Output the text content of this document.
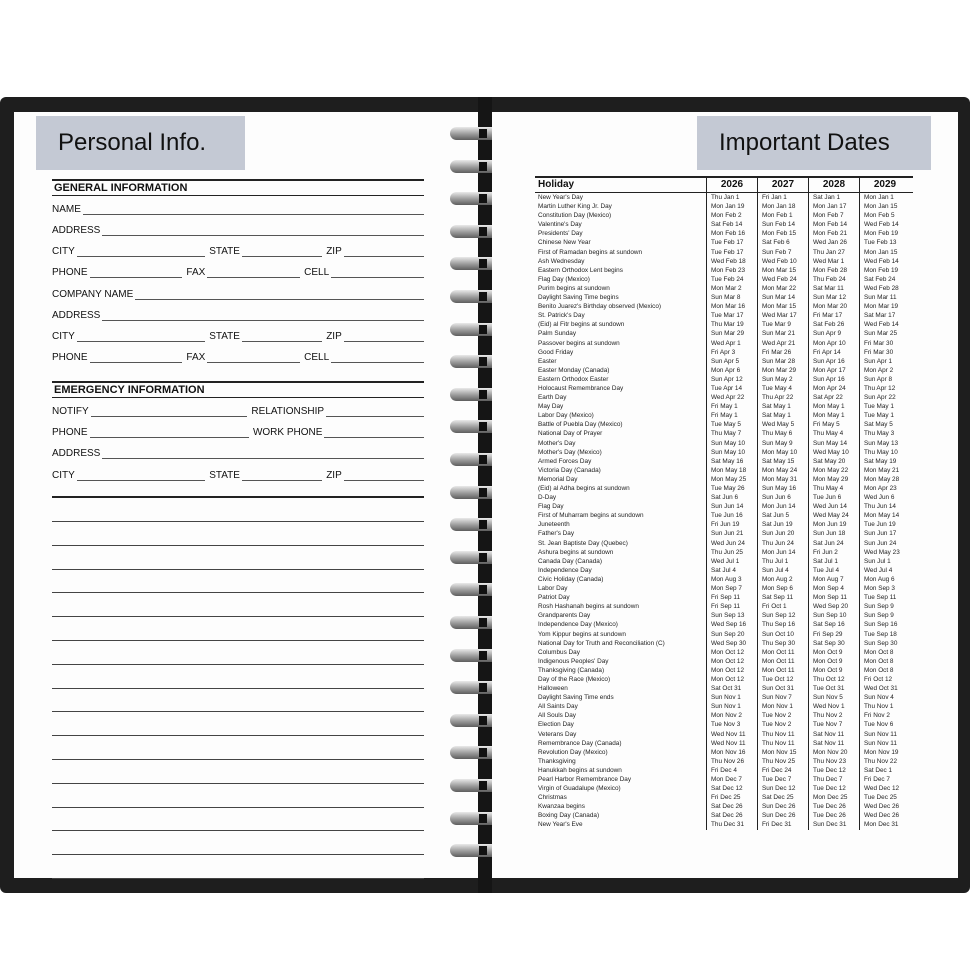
Personal Info.
GENERAL INFORMATION
NAME
ADDRESS
CITY	STATE	ZIP
PHONE	FAX	CELL
COMPANY NAME
ADDRESS
CITY	STATE	ZIP
PHONE	FAX	CELL
EMERGENCY INFORMATION
NOTIFY	RELATIONSHIP
PHONE	WORK PHONE
ADDRESS
CITY	STATE	ZIP
Important Dates
Holiday	2026	2027	2028	2029
New Year's Day	Thu Jan 1	Fri Jan 1	Sat Jan 1	Mon Jan 1
Martin Luther King Jr. Day	Mon Jan 19	Mon Jan 18	Mon Jan 17	Mon Jan 15
Constitution Day (Mexico)	Mon Feb 2	Mon Feb 1	Mon Feb 7	Mon Feb 5
Valentine's Day	Sat Feb 14	Sun Feb 14	Mon Feb 14	Wed Feb 14
Presidents' Day	Mon Feb 16	Mon Feb 15	Mon Feb 21	Mon Feb 19
Chinese New Year	Tue Feb 17	Sat Feb 6	Wed Jan 26	Tue Feb 13
First of Ramadan begins at sundown	Tue Feb 17	Sun Feb 7	Thu Jan 27	Mon Jan 15
Ash Wednesday	Wed Feb 18	Wed Feb 10	Wed Mar 1	Wed Feb 14
Eastern Orthodox Lent begins	Mon Feb 23	Mon Mar 15	Mon Feb 28	Mon Feb 19
Flag Day (Mexico)	Tue Feb 24	Wed Feb 24	Thu Feb 24	Sat Feb 24
Purim begins at sundown	Mon Mar 2	Mon Mar 22	Sat Mar 11	Wed Feb 28
Daylight Saving Time begins	Sun Mar 8	Sun Mar 14	Sun Mar 12	Sun Mar 11
Benito Juarez's Birthday observed (Mexico)	Mon Mar 16	Mon Mar 15	Mon Mar 20	Mon Mar 19
St. Patrick's Day	Tue Mar 17	Wed Mar 17	Fri Mar 17	Sat Mar 17
(Eid) al Fitr begins at sundown	Thu Mar 19	Tue Mar 9	Sat Feb 26	Wed Feb 14
Palm Sunday	Sun Mar 29	Sun Mar 21	Sun Apr 9	Sun Mar 25
Passover begins at sundown	Wed Apr 1	Wed Apr 21	Mon Apr 10	Fri Mar 30
Good Friday	Fri Apr 3	Fri Mar 26	Fri Apr 14	Fri Mar 30
Easter	Sun Apr 5	Sun Mar 28	Sun Apr 16	Sun Apr 1
Easter Monday (Canada)	Mon Apr 6	Mon Mar 29	Mon Apr 17	Mon Apr 2
Eastern Orthodox Easter	Sun Apr 12	Sun May 2	Sun Apr 16	Sun Apr 8
Holocaust Remembrance Day	Tue Apr 14	Tue May 4	Mon Apr 24	Thu Apr 12
Earth Day	Wed Apr 22	Thu Apr 22	Sat Apr 22	Sun Apr 22
May Day	Fri May 1	Sat May 1	Mon May 1	Tue May 1
Labor Day (Mexico)	Fri May 1	Sat May 1	Mon May 1	Tue May 1
Battle of Puebla Day (Mexico)	Tue May 5	Wed May 5	Fri May 5	Sat May 5
National Day of Prayer	Thu May 7	Thu May 6	Thu May 4	Thu May 3
Mother's Day	Sun May 10	Sun May 9	Sun May 14	Sun May 13
Mother's Day (Mexico)	Sun May 10	Mon May 10	Wed May 10	Thu May 10
Armed Forces Day	Sat May 16	Sat May 15	Sat May 20	Sat May 19
Victoria Day (Canada)	Mon May 18	Mon May 24	Mon May 22	Mon May 21
Memorial Day	Mon May 25	Mon May 31	Mon May 29	Mon May 28
(Eid) al Adha begins at sundown	Tue May 26	Sun May 16	Thu May 4	Mon Apr 23
D-Day	Sat Jun 6	Sun Jun 6	Tue Jun 6	Wed Jun 6
Flag Day	Sun Jun 14	Mon Jun 14	Wed Jun 14	Thu Jun 14
First of Muharram begins at sundown	Tue Jun 16	Sat Jun 5	Wed May 24	Mon May 14
Juneteenth	Fri Jun 19	Sat Jun 19	Mon Jun 19	Tue Jun 19
Father's Day	Sun Jun 21	Sun Jun 20	Sun Jun 18	Sun Jun 17
St. Jean Baptiste Day (Quebec)	Wed Jun 24	Thu Jun 24	Sat Jun 24	Sun Jun 24
Ashura begins at sundown	Thu Jun 25	Mon Jun 14	Fri Jun 2	Wed May 23
Canada Day (Canada)	Wed Jul 1	Thu Jul 1	Sat Jul 1	Sun Jul 1
Independence Day	Sat Jul 4	Sun Jul 4	Tue Jul 4	Wed Jul 4
Civic Holiday (Canada)	Mon Aug 3	Mon Aug 2	Mon Aug 7	Mon Aug 6
Labor Day	Mon Sep 7	Mon Sep 6	Mon Sep 4	Mon Sep 3
Patriot Day	Fri Sep 11	Sat Sep 11	Mon Sep 11	Tue Sep 11
Rosh Hashanah begins at sundown	Fri Sep 11	Fri Oct 1	Wed Sep 20	Sun Sep 9
Grandparents Day	Sun Sep 13	Sun Sep 12	Sun Sep 10	Sun Sep 9
Independence Day (Mexico)	Wed Sep 16	Thu Sep 16	Sat Sep 16	Sun Sep 16
Yom Kippur begins at sundown	Sun Sep 20	Sun Oct 10	Fri Sep 29	Tue Sep 18
National Day for Truth and Reconciliation (C)	Wed Sep 30	Thu Sep 30	Sat Sep 30	Sun Sep 30
Columbus Day	Mon Oct 12	Mon Oct 11	Mon Oct 9	Mon Oct 8
Indigenous Peoples' Day	Mon Oct 12	Mon Oct 11	Mon Oct 9	Mon Oct 8
Thanksgiving (Canada)	Mon Oct 12	Mon Oct 11	Mon Oct 9	Mon Oct 8
Day of the Race (Mexico)	Mon Oct 12	Tue Oct 12	Thu Oct 12	Fri Oct 12
Halloween	Sat Oct 31	Sun Oct 31	Tue Oct 31	Wed Oct 31
Daylight Saving Time ends	Sun Nov 1	Sun Nov 7	Sun Nov 5	Sun Nov 4
All Saints Day	Sun Nov 1	Mon Nov 1	Wed Nov 1	Thu Nov 1
All Souls Day	Mon Nov 2	Tue Nov 2	Thu Nov 2	Fri Nov 2
Election Day	Tue Nov 3	Tue Nov 2	Tue Nov 7	Tue Nov 6
Veterans Day	Wed Nov 11	Thu Nov 11	Sat Nov 11	Sun Nov 11
Remembrance Day (Canada)	Wed Nov 11	Thu Nov 11	Sat Nov 11	Sun Nov 11
Revolution Day (Mexico)	Mon Nov 16	Mon Nov 15	Mon Nov 20	Mon Nov 19
Thanksgiving	Thu Nov 26	Thu Nov 25	Thu Nov 23	Thu Nov 22
Hanukkah begins at sundown	Fri Dec 4	Fri Dec 24	Tue Dec 12	Sat Dec 1
Pearl Harbor Remembrance Day	Mon Dec 7	Tue Dec 7	Thu Dec 7	Fri Dec 7
Virgin of Guadalupe (Mexico)	Sat Dec 12	Sun Dec 12	Tue Dec 12	Wed Dec 12
Christmas	Fri Dec 25	Sat Dec 25	Mon Dec 25	Tue Dec 25
Kwanzaa begins	Sat Dec 26	Sun Dec 26	Tue Dec 26	Wed Dec 26
Boxing Day (Canada)	Sat Dec 26	Sun Dec 26	Tue Dec 26	Wed Dec 26
New Year's Eve	Thu Dec 31	Fri Dec 31	Sun Dec 31	Mon Dec 31
